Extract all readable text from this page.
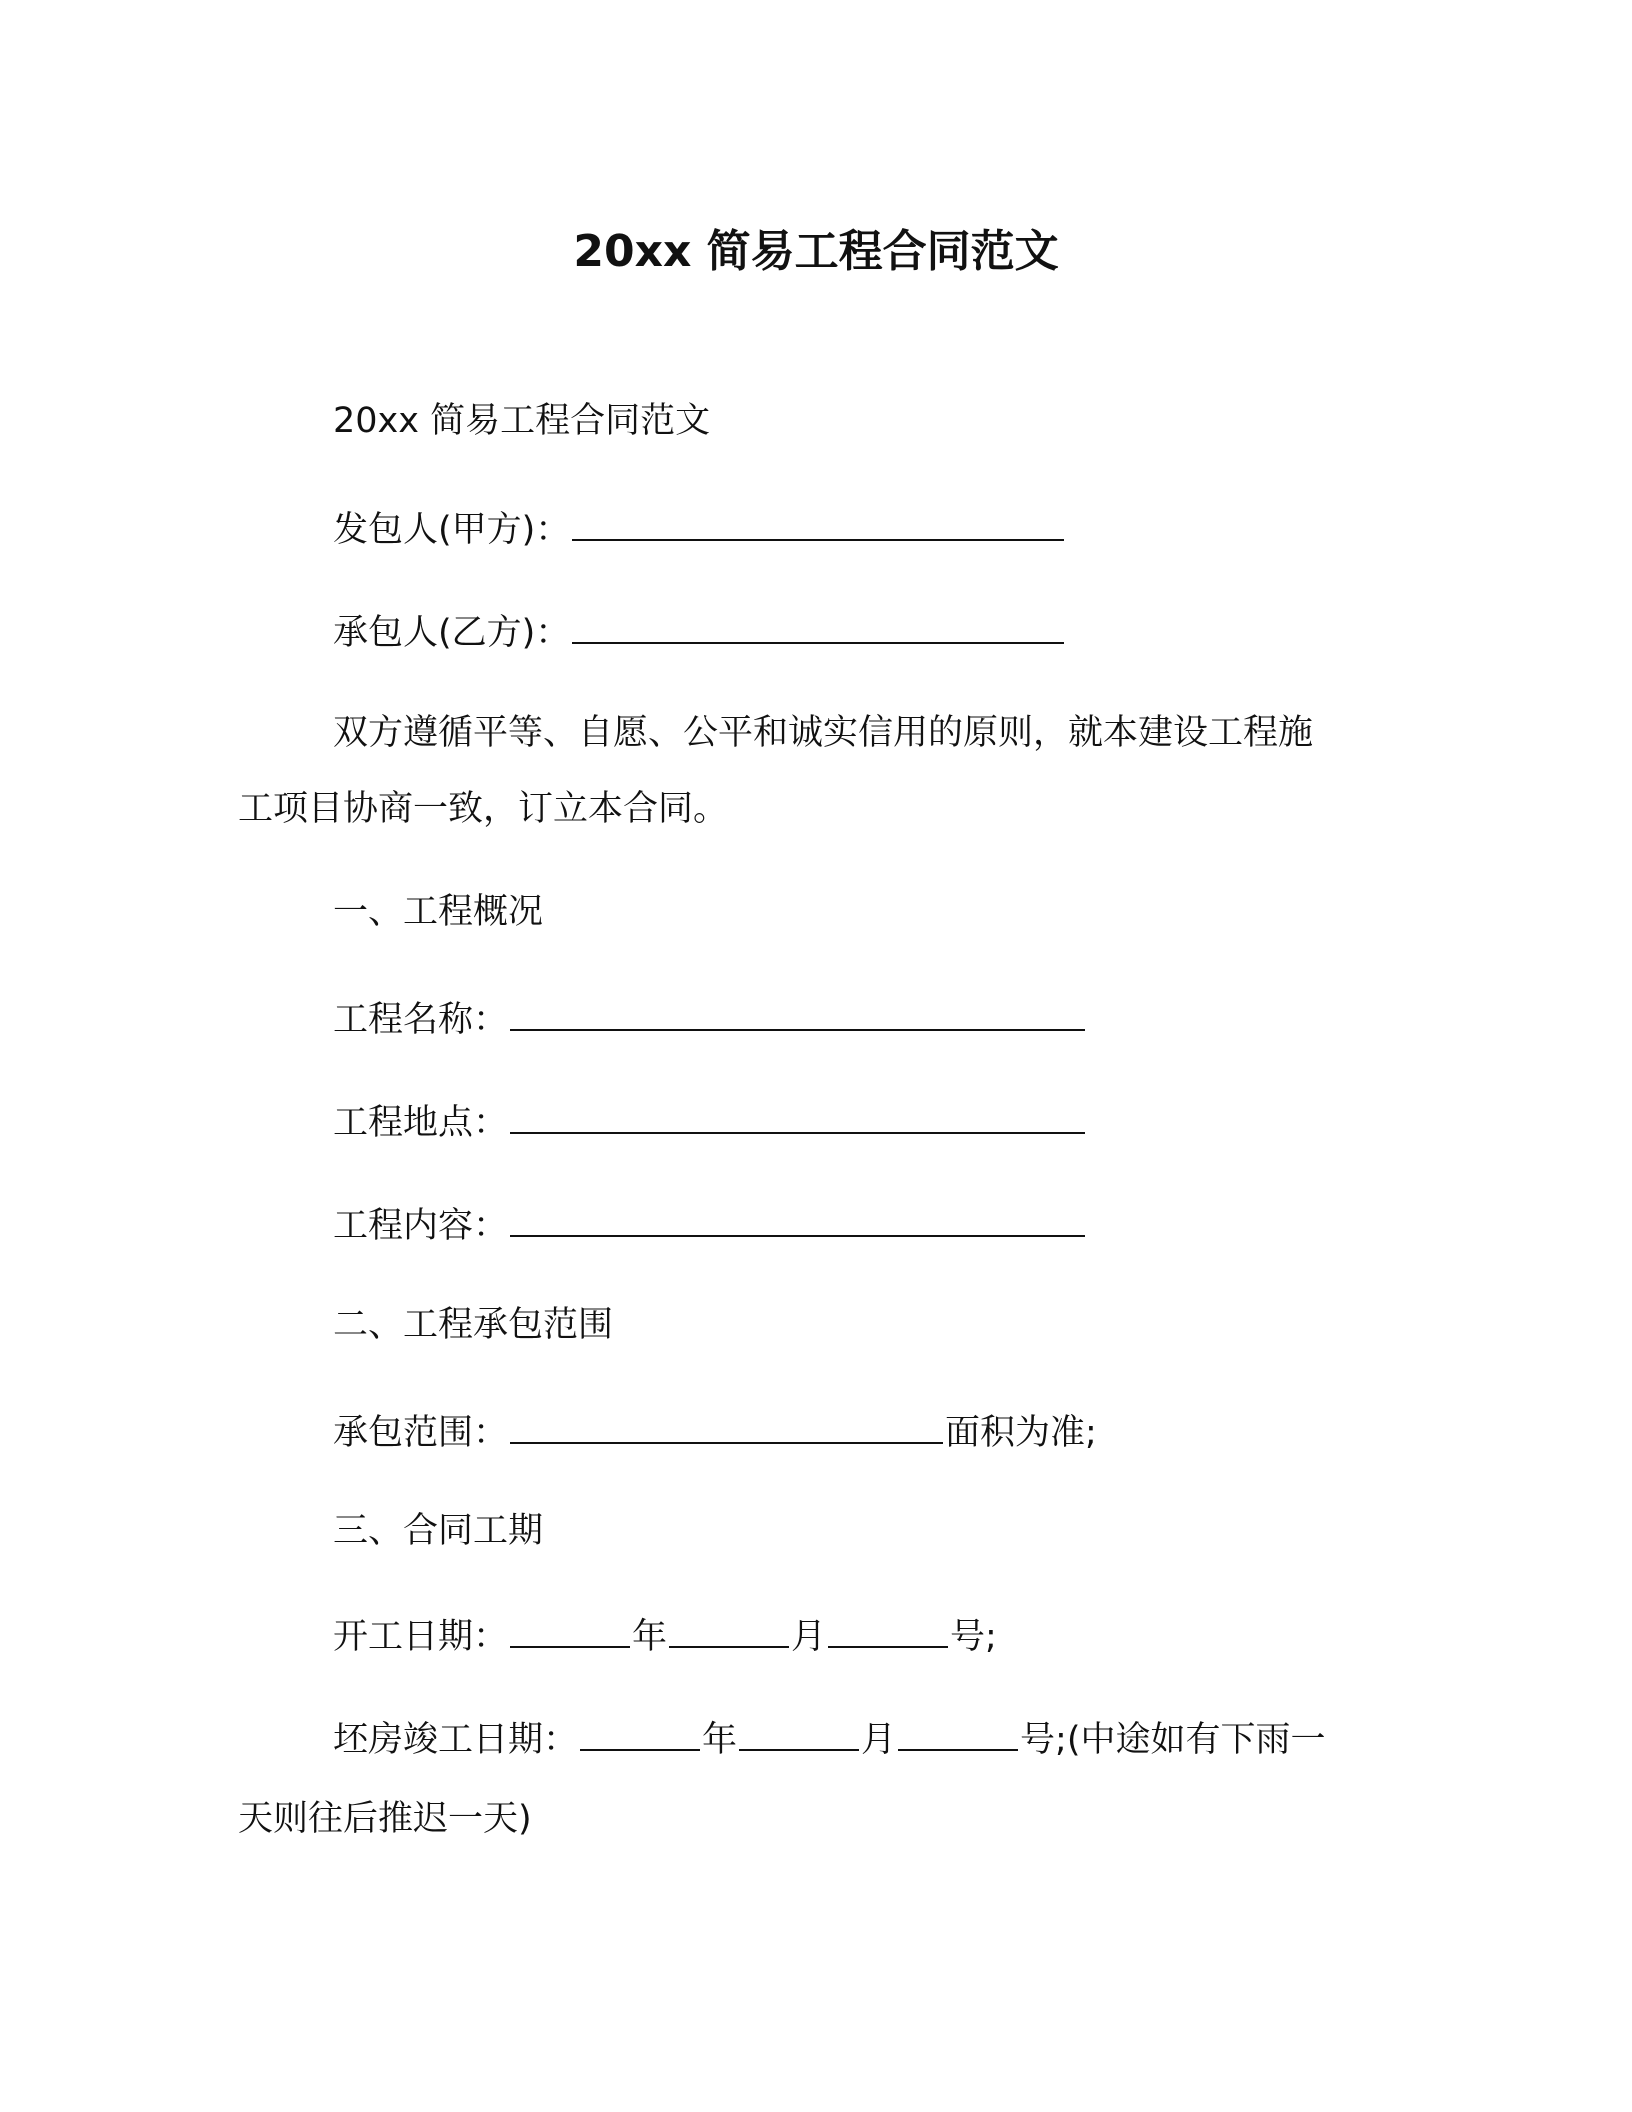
20xx 简易工程合同范文
20xx 简易工程合同范文
发包人(甲方)：
承包人(乙方)：
双方遵循平等、自愿、公平和诚实信用的原则，就本建设工程施
工项目协商一致，订立本合同。
一、工程概况
工程名称：
工程地点：
工程内容：
二、工程承包范围
承包范围：	面积为准;
三、合同工期
开工日期：	年	月	号;
坯房竣工日期：	年	月	号;(中途如有下雨一
天则往后推迟一天)
